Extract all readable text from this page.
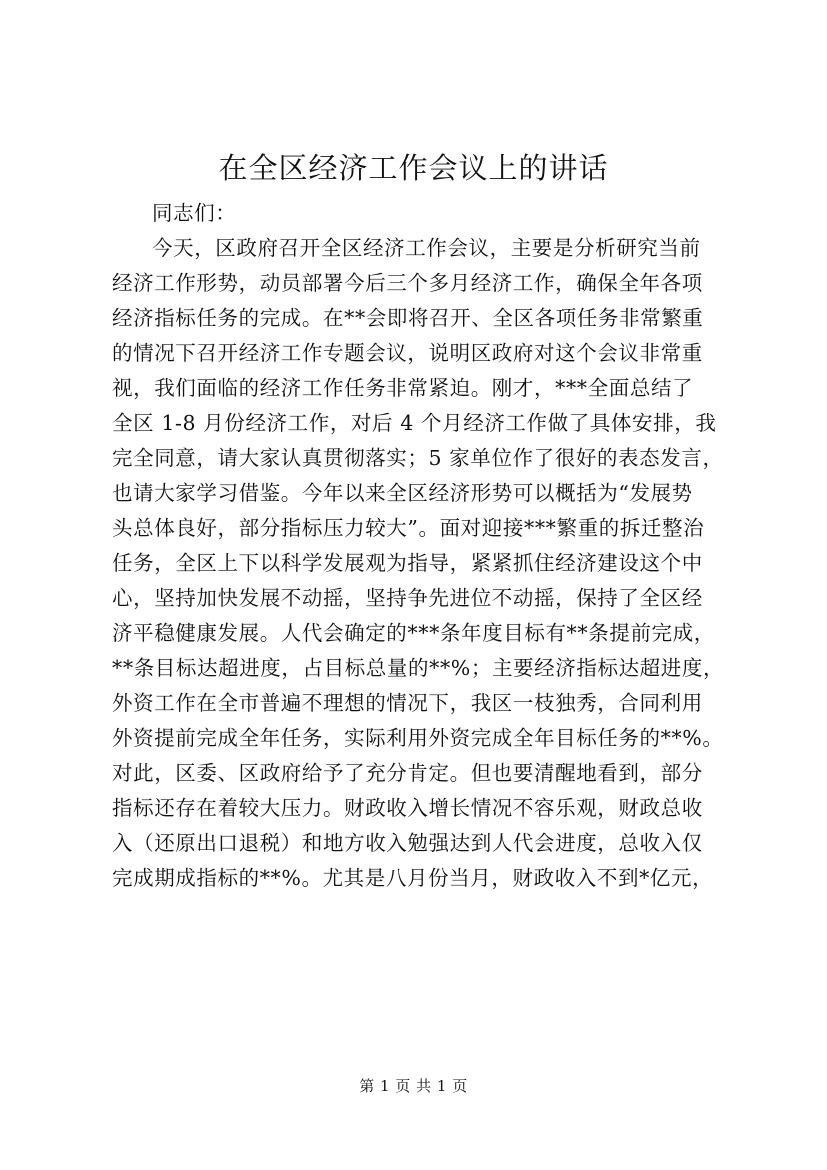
在全区经济工作会议上的讲话
同志们：
今天，区政府召开全区经济工作会议，主要是分析研究当前
经济工作形势，动员部署今后三个多月经济工作，确保全年各项
经济指标任务的完成。在**会即将召开、全区各项任务非常繁重
的情况下召开经济工作专题会议，说明区政府对这个会议非常重
视，我们面临的经济工作任务非常紧迫。刚才，***全面总结了
全区 1-8 月份经济工作，对后 4 个月经济工作做了具体安排，我
完全同意，请大家认真贯彻落实；5 家单位作了很好的表态发言，
也请大家学习借鉴。今年以来全区经济形势可以概括为“发展势
头总体良好，部分指标压力较大”。面对迎接***繁重的拆迁整治
任务，全区上下以科学发展观为指导，紧紧抓住经济建设这个中
心，坚持加快发展不动摇，坚持争先进位不动摇，保持了全区经
济平稳健康发展。人代会确定的***条年度目标有**条提前完成，
**条目标达超进度，占目标总量的**%；主要经济指标达超进度，
外资工作在全市普遍不理想的情况下，我区一枝独秀，合同利用
外资提前完成全年任务，实际利用外资完成全年目标任务的**%。
对此，区委、区政府给予了充分肯定。但也要清醒地看到，部分
指标还存在着较大压力。财政收入增长情况不容乐观，财政总收
入（还原出口退税）和地方收入勉强达到人代会进度，总收入仅
完成期成指标的**%。尤其是八月份当月，财政收入不到*亿元，
第 1 页 共 1 页
